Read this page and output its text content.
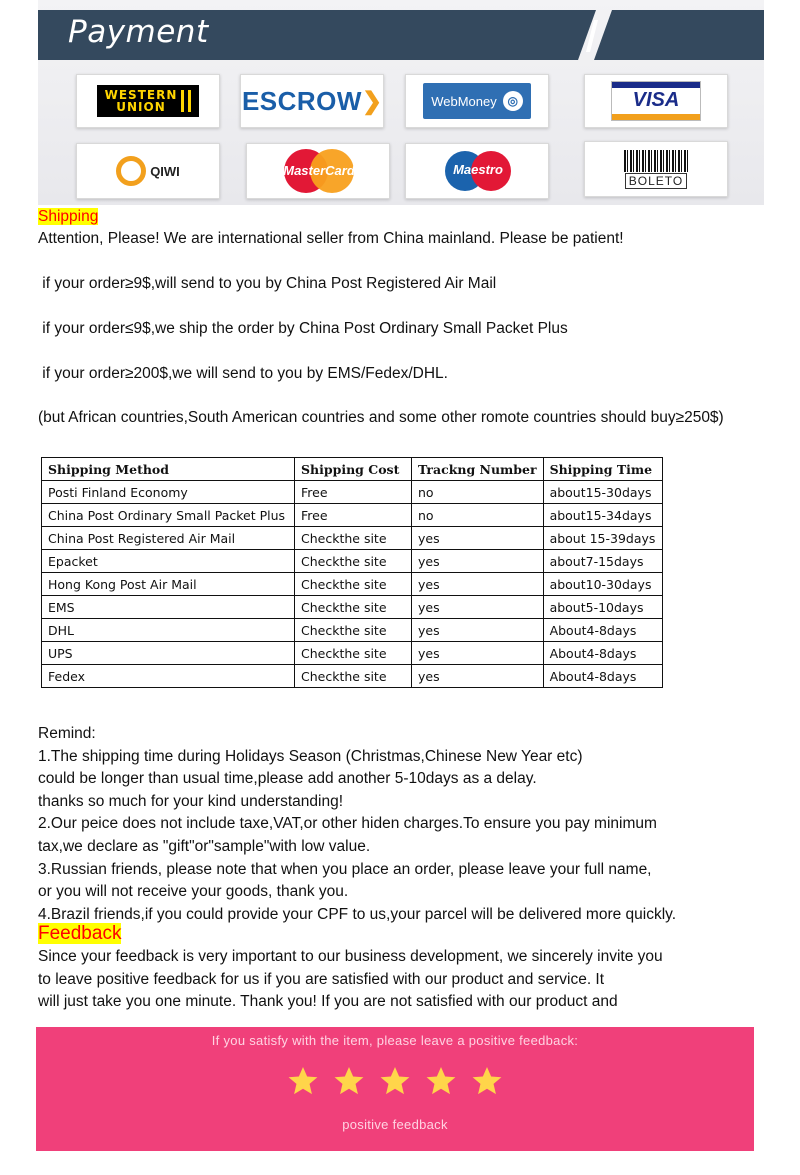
Payment
WESTERN
UNION	ESCROW ❯	WebMoney ◎	VISA
QIWI	MasterCard	Maestro
BOLETO
Shipping
Attention, Please! We are international seller from China mainland. Please be patient!
if your order≥9$,will send to you by China Post Registered Air Mail
if your order≤9$,we ship the order by China Post Ordinary Small Packet Plus
if your order≥200$,we will send to you by EMS/Fedex/DHL.
(but African countries,South American countries and some other romote countries should buy≥250$)
Shipping Method	Shipping Cost	Trackng Number	Shipping Time
Posti Finland Economy	Free	no	about15-30days
China Post Ordinary Small Packet Plus	Free	no	about15-34days
China Post Registered Air Mail	Checkthe site	yes	about 15-39days
Epacket	Checkthe site	yes	about7-15days
Hong Kong Post Air Mail	Checkthe site	yes	about10-30days
EMS	Checkthe site	yes	about5-10days
DHL	Checkthe site	yes	About4-8days
UPS	Checkthe site	yes	About4-8days
Fedex	Checkthe site	yes	About4-8days
Remind:
1.The shipping time during Holidays Season (Christmas,Chinese New Year etc)
could be longer than usual time,please add another 5-10days as a delay.
thanks so much for your kind understanding!
2.Our peice does not include taxe,VAT,or other hiden charges.To ensure you pay minimum
tax,we declare as "gift"or"sample"with low value.
3.Russian friends, please note that when you place an order, please leave your full name,
or you will not receive your goods, thank you.
4.Brazil friends,if you could provide your CPF to us,your parcel will be delivered more quickly.
Feedback
Since your feedback is very important to our business development, we sincerely invite you
to leave positive feedback for us if you are satisfied with our product and service. It
will just take you one minute. Thank you! If you are not satisfied with our product and
If you satisfy with the item, please leave a positive feedback:
positive feedback
